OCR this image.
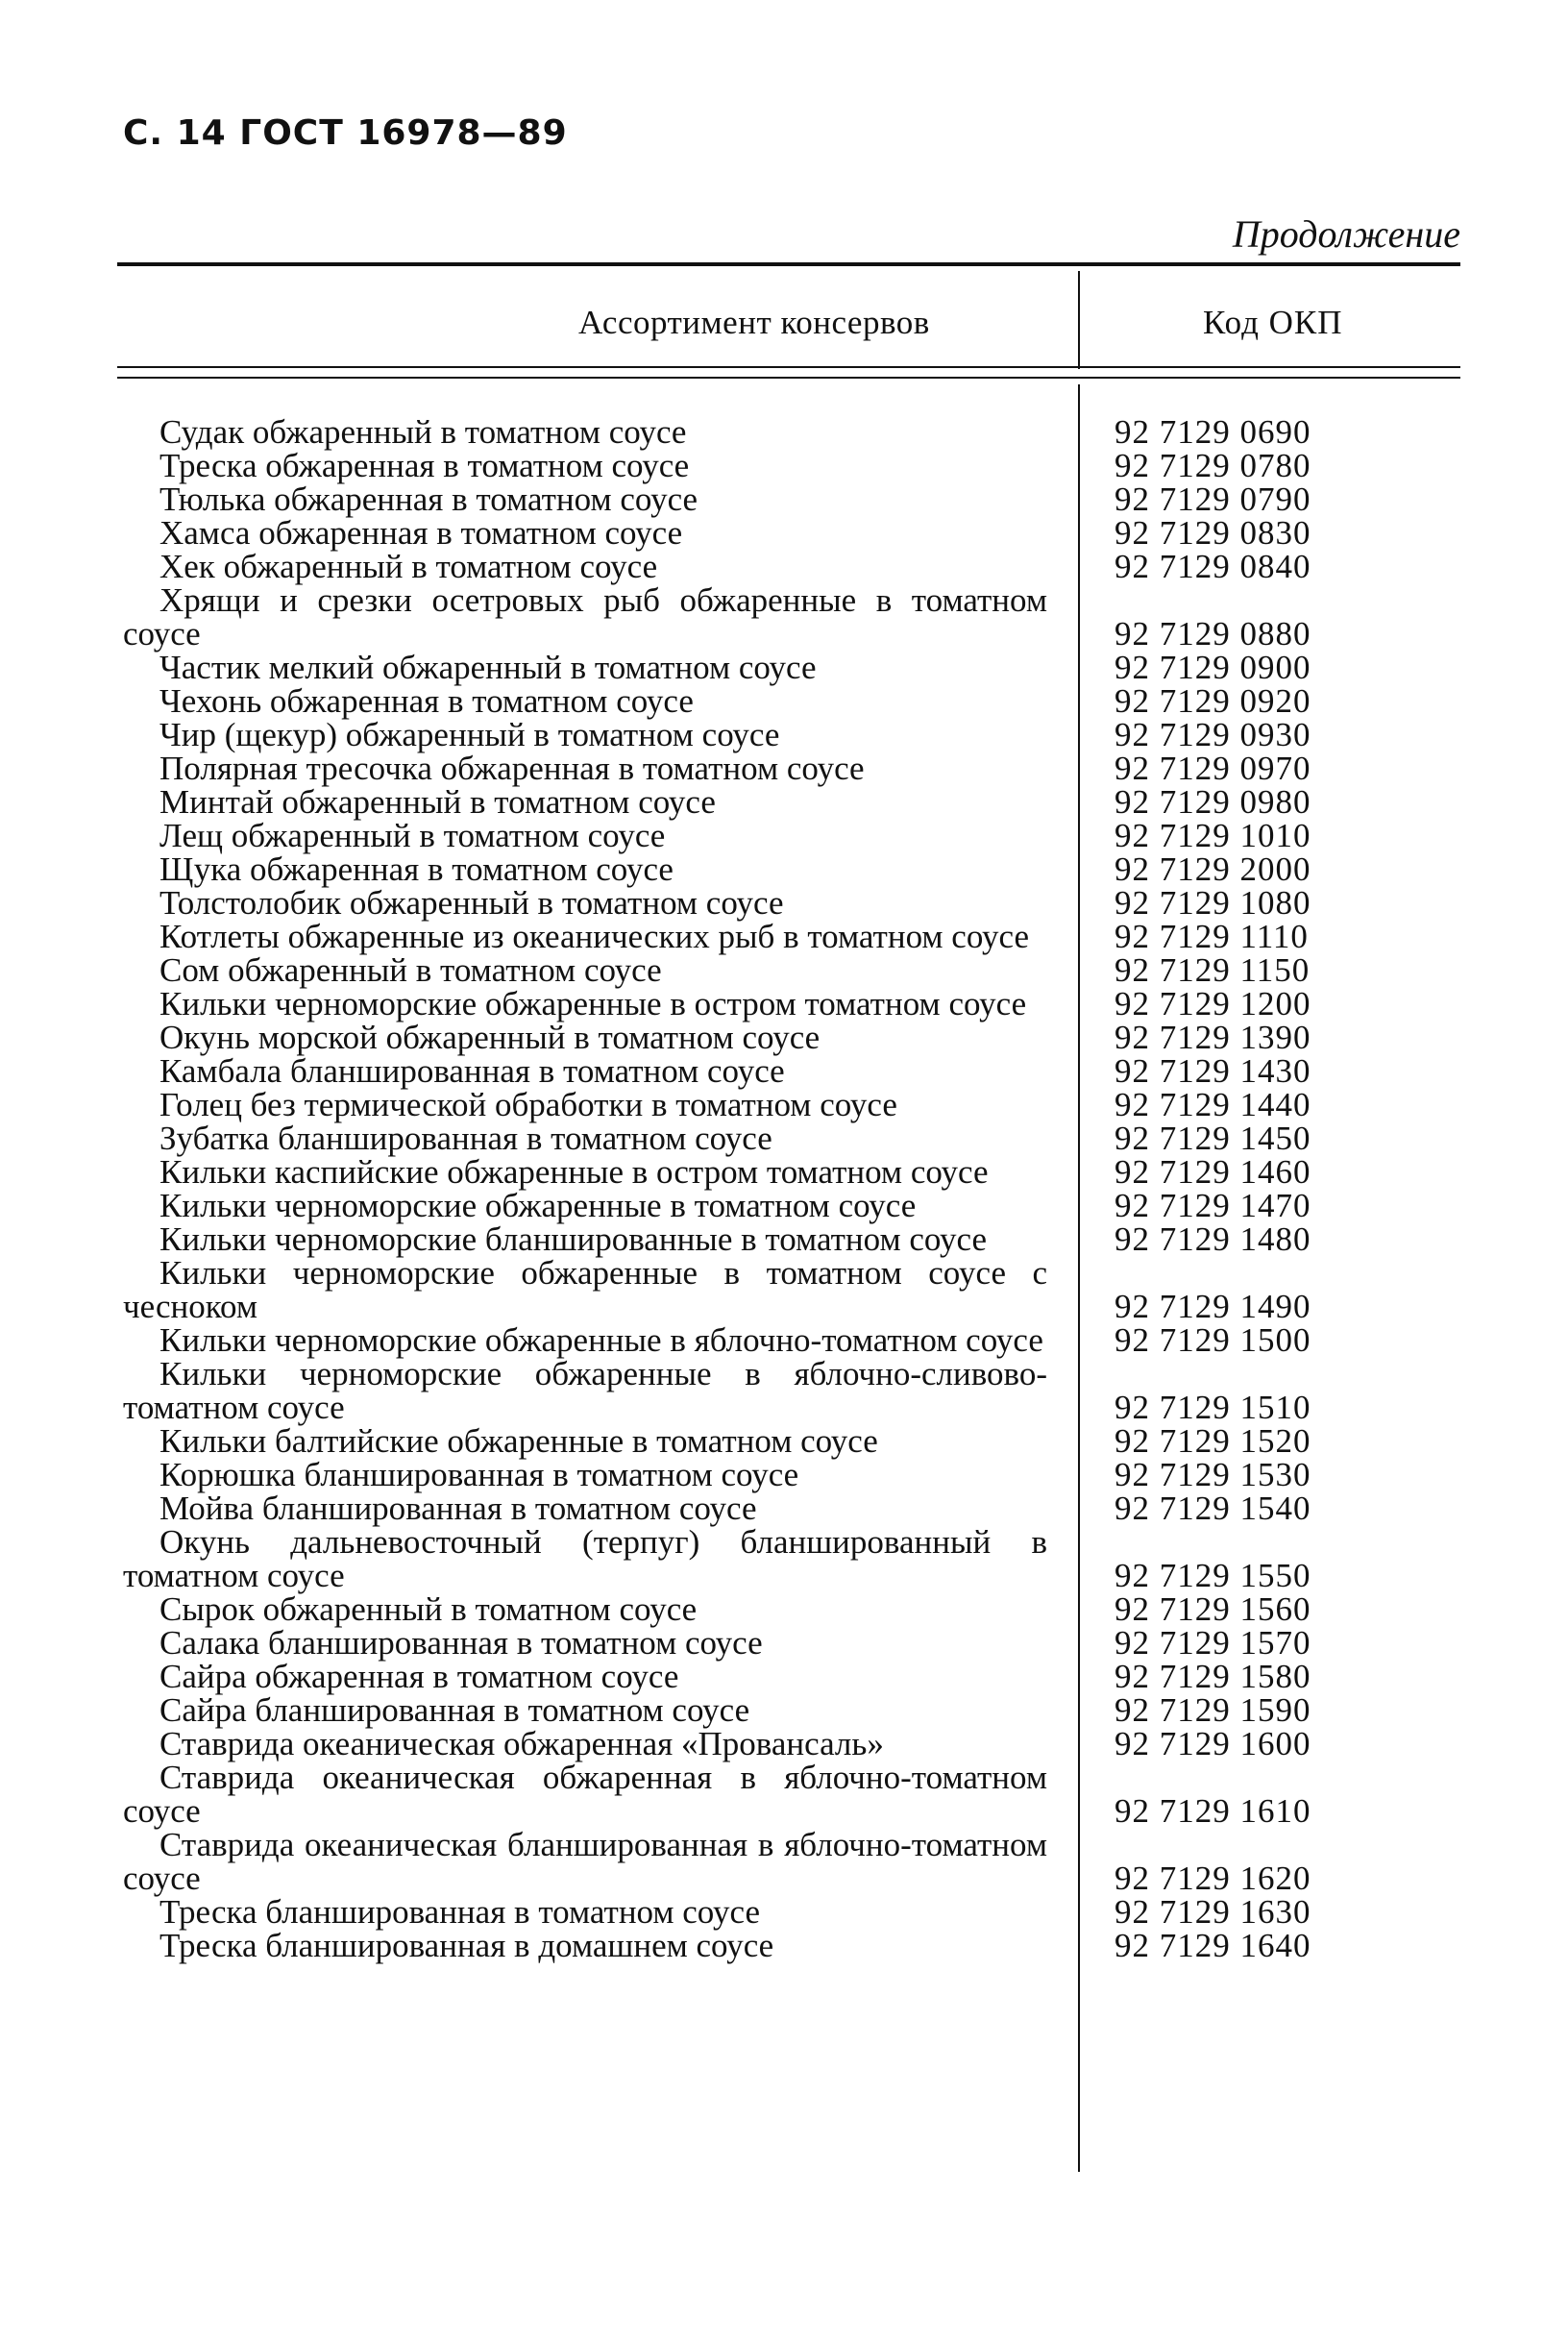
С. 14 ГОСТ 16978—89
Продолжение
Ассортимент консервов	Код ОКП
Судак обжаренный в томатном соусе	92 7129 0690
Треска обжаренная в томатном соусе	92 7129 0780
Тюлька обжаренная в томатном соусе	92 7129 0790
Хамса обжаренная в томатном соусе	92 7129 0830
Хек обжаренный в томатном соусе	92 7129 0840
Хрящи и срезки осетровых рыб обжаренные в томатном соусе	92 7129 0880
Частик мелкий обжаренный в томатном соусе	92 7129 0900
Чехонь обжаренная в томатном соусе	92 7129 0920
Чир (щекур) обжаренный в томатном соусе	92 7129 0930
Полярная тресочка обжаренная в томатном соусе	92 7129 0970
Минтай обжаренный в томатном соусе	92 7129 0980
Лещ обжаренный в томатном соусе	92 7129 1010
Щука обжаренная в томатном соусе	92 7129 2000
Толстолобик обжаренный в томатном соусе	92 7129 1080
Котлеты обжаренные из океанических рыб в томатном соусе	92 7129 1110
Сом обжаренный в томатном соусе	92 7129 1150
Кильки черноморские обжаренные в остром томатном соусе	92 7129 1200
Окунь морской обжаренный в томатном соусе	92 7129 1390
Камбала бланшированная в томатном соусе	92 7129 1430
Голец без термической обработки в томатном соусе	92 7129 1440
Зубатка бланшированная в томатном соусе	92 7129 1450
Кильки каспийские обжаренные в остром томатном соусе	92 7129 1460
Кильки черноморские обжаренные в томатном соусе	92 7129 1470
Кильки черноморские бланшированные в томатном соусе	92 7129 1480
Кильки черноморские обжаренные в томатном соусе с чесноком	92 7129 1490
Кильки черноморские обжаренные в яблочно-томатном соусе 92 7129 1500
Кильки черноморские обжаренные в яблочно-сливово-томатном соусе	92 7129 1510
Кильки балтийские обжаренные в томатном соусе	92 7129 1520
Корюшка бланшированная в томатном соусе	92 7129 1530
Мойва бланшированная в томатном соусе	92 7129 1540
Окунь дальневосточный (терпуг) бланшированный в томатном соусе	92 7129 1550
Сырок обжаренный в томатном соусе	92 7129 1560
Салака бланшированная в томатном соусе	92 7129 1570
Сайра обжаренная в томатном соусе	92 7129 1580
Сайра бланшированная в томатном соусе	92 7129 1590
Ставрида океаническая обжаренная «Провансаль»	92 7129 1600
Ставрида океаническая обжаренная в яблочно-томатном соусе	92 7129 1610
Ставрида океаническая бланшированная в яблочно-томатном соусе	92 7129 1620
Треска бланшированная в томатном соусе	92 7129 1630
Треска бланшированная в домашнем соусе	92 7129 1640
